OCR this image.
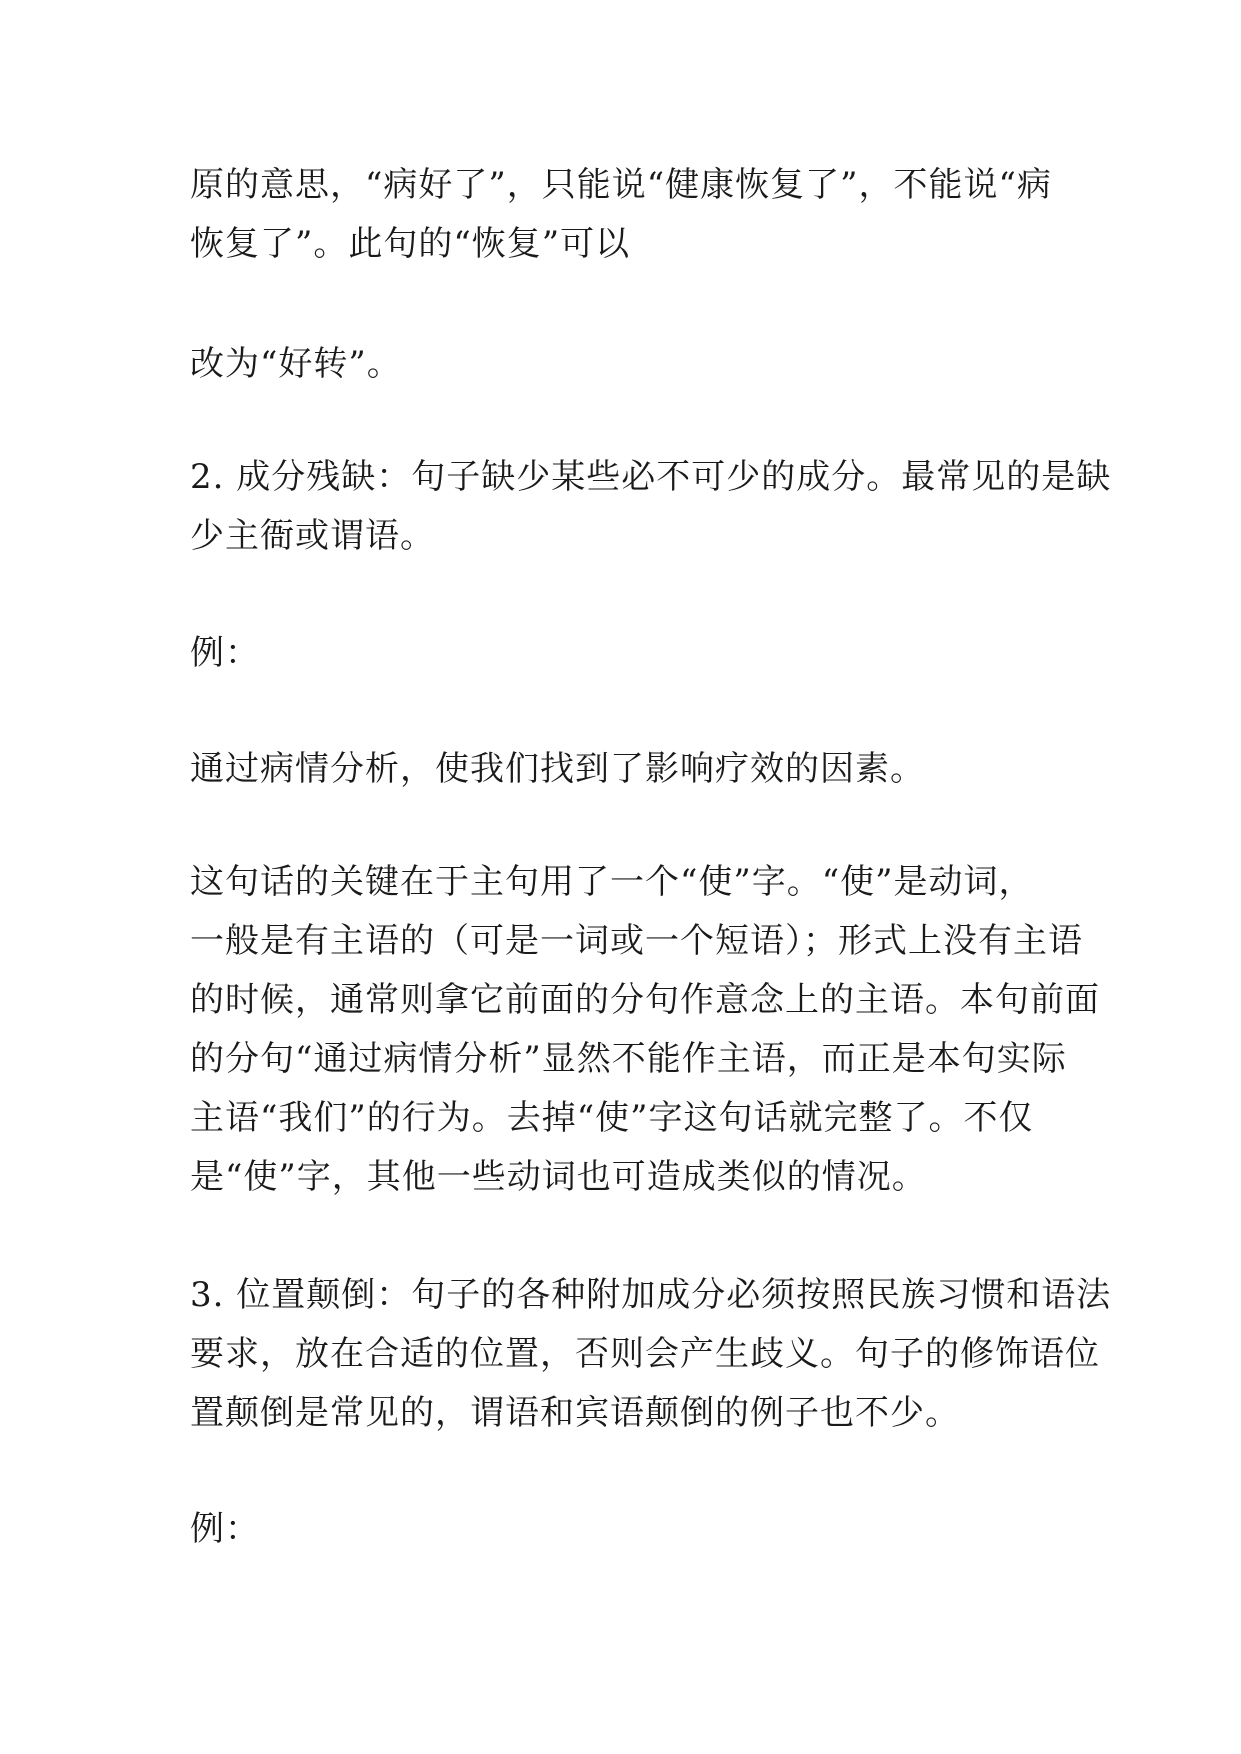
原的意思，“病好了”，只能说“健康恢复了”，不能说“病
恢复了”。此句的“恢复”可以

改为“好转”。

2. 成分残缺：句子缺少某些必不可少的成分。最常见的是缺
少主衙或谓语。

例：

通过病情分析，使我们找到了影响疗效的因素。

这句话的关键在于主句用了一个“使”字。“使”是动词，
一般是有主语的（可是一词或一个短语）；形式上没有主语
的时候，通常则拿它前面的分句作意念上的主语。本句前面
的分句“通过病情分析”显然不能作主语，而正是本句实际
主语“我们”的行为。去掉“使”字这句话就完整了。不仅
是“使”字，其他一些动词也可造成类似的情况。

3. 位置颠倒：句子的各种附加成分必须按照民族习惯和语法
要求，放在合适的位置，否则会产生歧义。句子的修饰语位
置颠倒是常见的，谓语和宾语颠倒的例子也不少。

例：
